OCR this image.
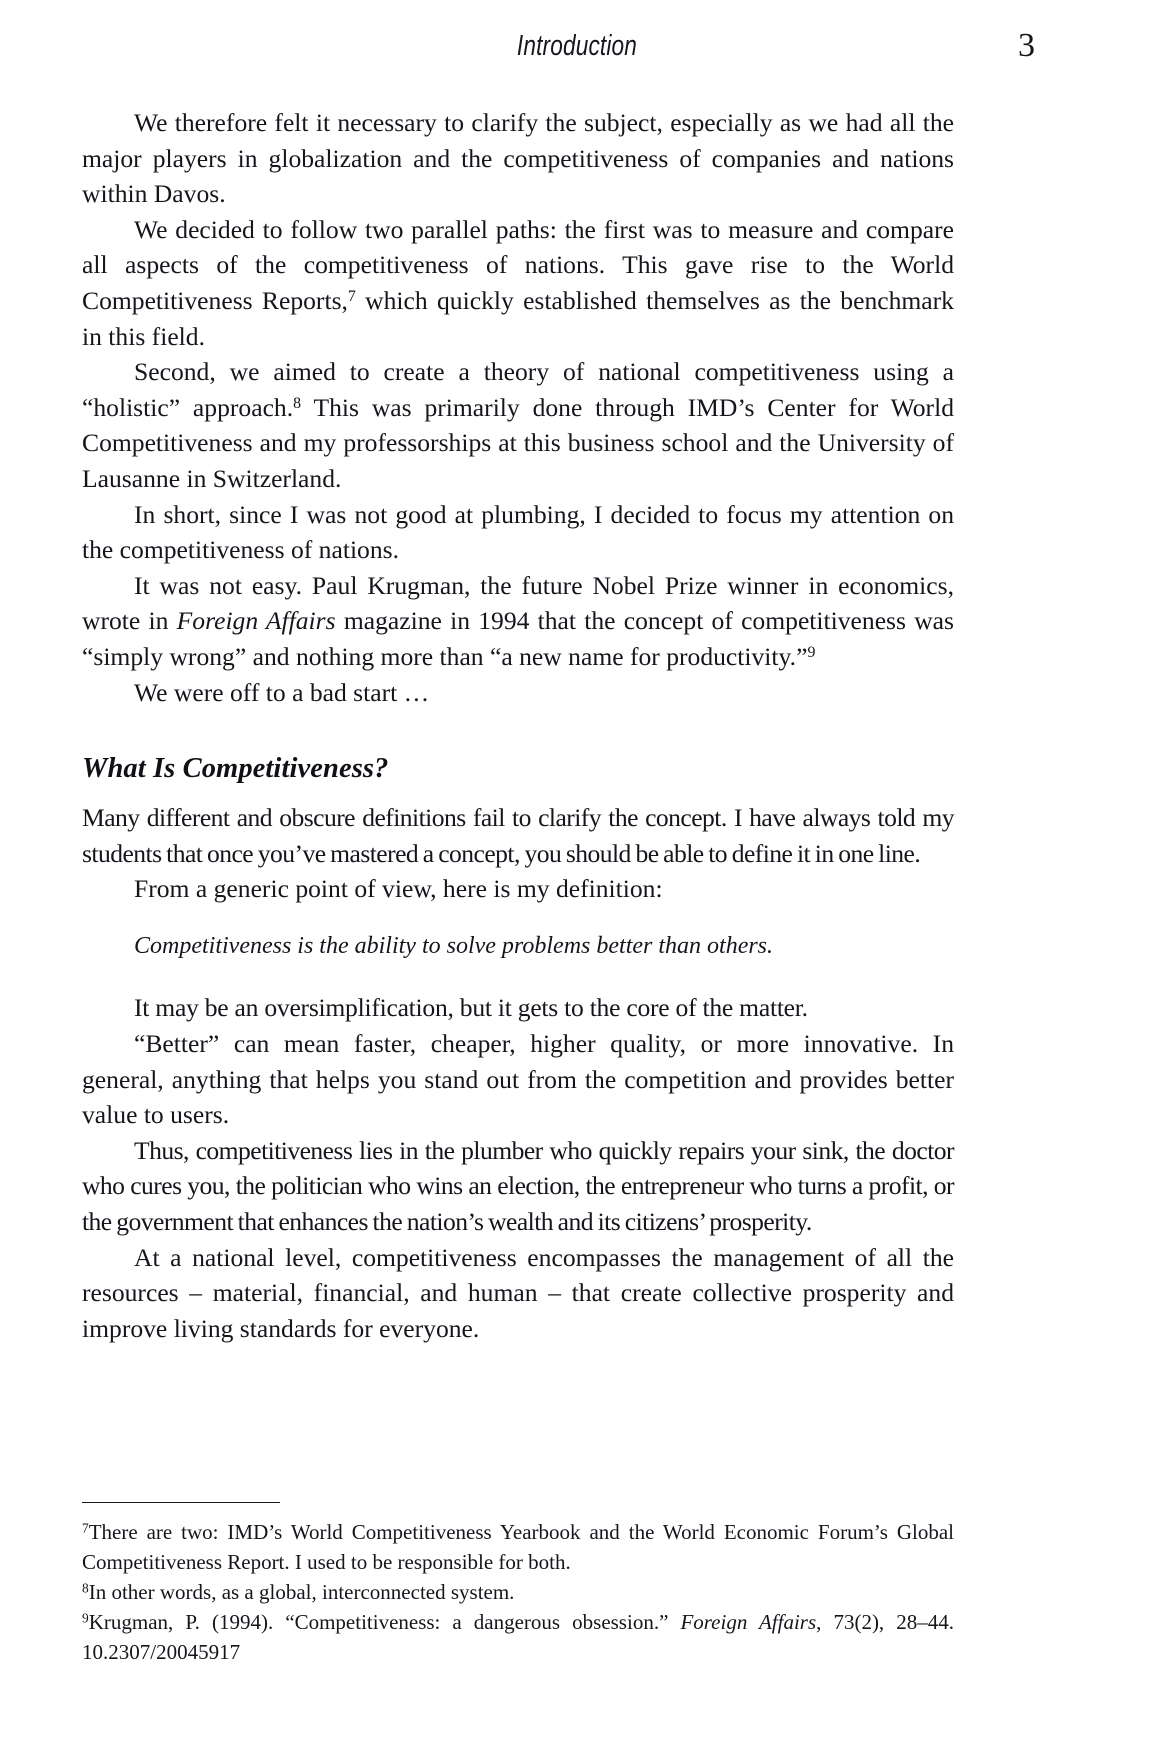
Introduction	3

We therefore felt it necessary to clarify the subject, especially as we had all the major players in globalization and the competitiveness of companies and nations within Davos.

We decided to follow two parallel paths: the first was to measure and compare all aspects of the competitiveness of nations. This gave rise to the World Competitiveness Reports,$^7$ which quickly established themselves as the benchmark in this field.

Second, we aimed to create a theory of national competitiveness using a “holistic” approach.$^8$ This was primarily done through IMD’s Center for World Competitiveness and my professorships at this business school and the University of Lausanne in Switzerland.

In short, since I was not good at plumbing, I decided to focus my attention on the competitiveness of nations.

It was not easy. Paul Krugman, the future Nobel Prize winner in economics, wrote in Foreign Affairs magazine in 1994 that the concept of competitiveness was “simply wrong” and nothing more than “a new name for productivity.”$^9$

We were off to a bad start …

What Is Competitiveness?

Many different and obscure definitions fail to clarify the concept. I have always told my students that once you’ve mastered a concept, you should be able to define it in one line.

From a generic point of view, here is my definition:

Competitiveness is the ability to solve problems better than others.

It may be an oversimplification, but it gets to the core of the matter.

“Better” can mean faster, cheaper, higher quality, or more innovative. In general, anything that helps you stand out from the competition and provides better value to users.

Thus, competitiveness lies in the plumber who quickly repairs your sink, the doctor who cures you, the politician who wins an election, the entrepreneur who turns a profit, or the government that enhances the nation’s wealth and its citizens’ prosperity.

At a national level, competitiveness encompasses the management of all the resources – material, financial, and human – that create collective prosperity and improve living standards for everyone.

$^7$There are two: IMD’s World Competitiveness Yearbook and the World Economic Forum’s Global Competitiveness Report. I used to be responsible for both.

$^8$In other words, as a global, interconnected system.

$^9$Krugman, P. (1994). “Competitiveness: a dangerous obsession.” Foreign Affairs, 73(2), 28–44. 10.2307/20045917
